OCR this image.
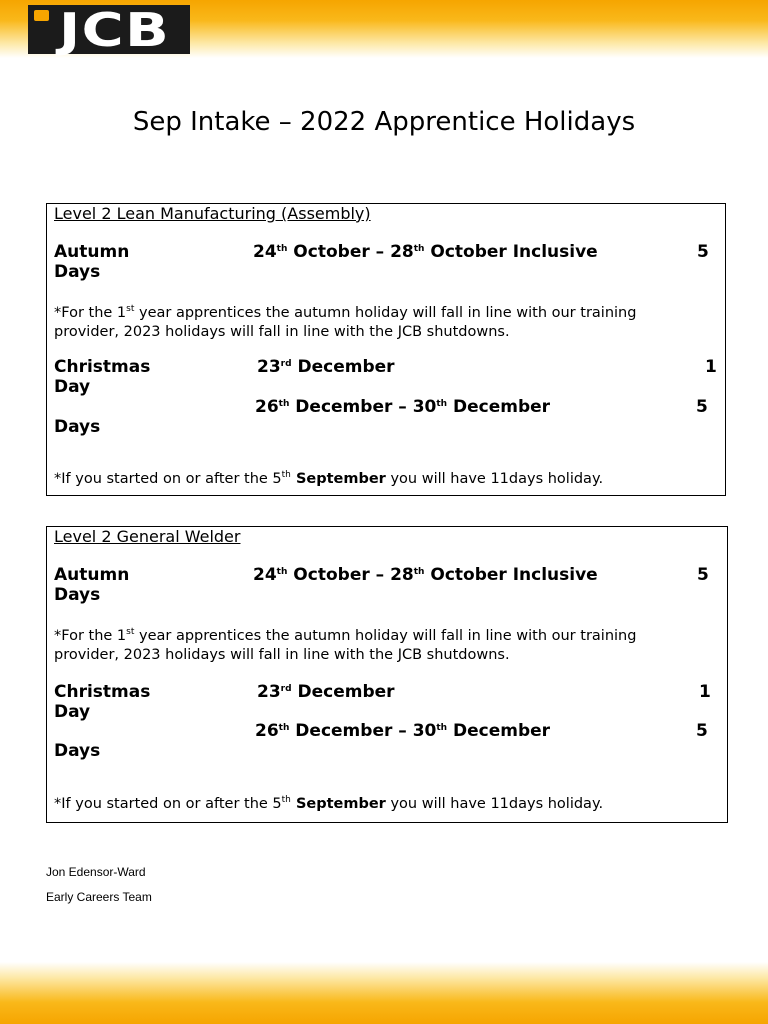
JCB
Sep Intake – 2022 Apprentice Holidays
Level 2 Lean Manufacturing (Assembly)
Autumn	24th October – 28th October Inclusive	5
Days
*For the 1st year apprentices the autumn holiday will fall in line with our training
provider, 2023 holidays will fall in line with the JCB shutdowns.
Christmas	23rd December	1
Day
26th December – 30th December	5
Days
*If you started on or after the 5th September you will have 11days holiday.
Level 2 General Welder
Autumn	24th October – 28th October Inclusive	5
Days
*For the 1st year apprentices the autumn holiday will fall in line with our training
provider, 2023 holidays will fall in line with the JCB shutdowns.
Christmas	23rd December	1
Day
26th December – 30th December	5
Days
*If you started on or after the 5th September you will have 11days holiday.
Jon Edensor-Ward
Early Careers Team
